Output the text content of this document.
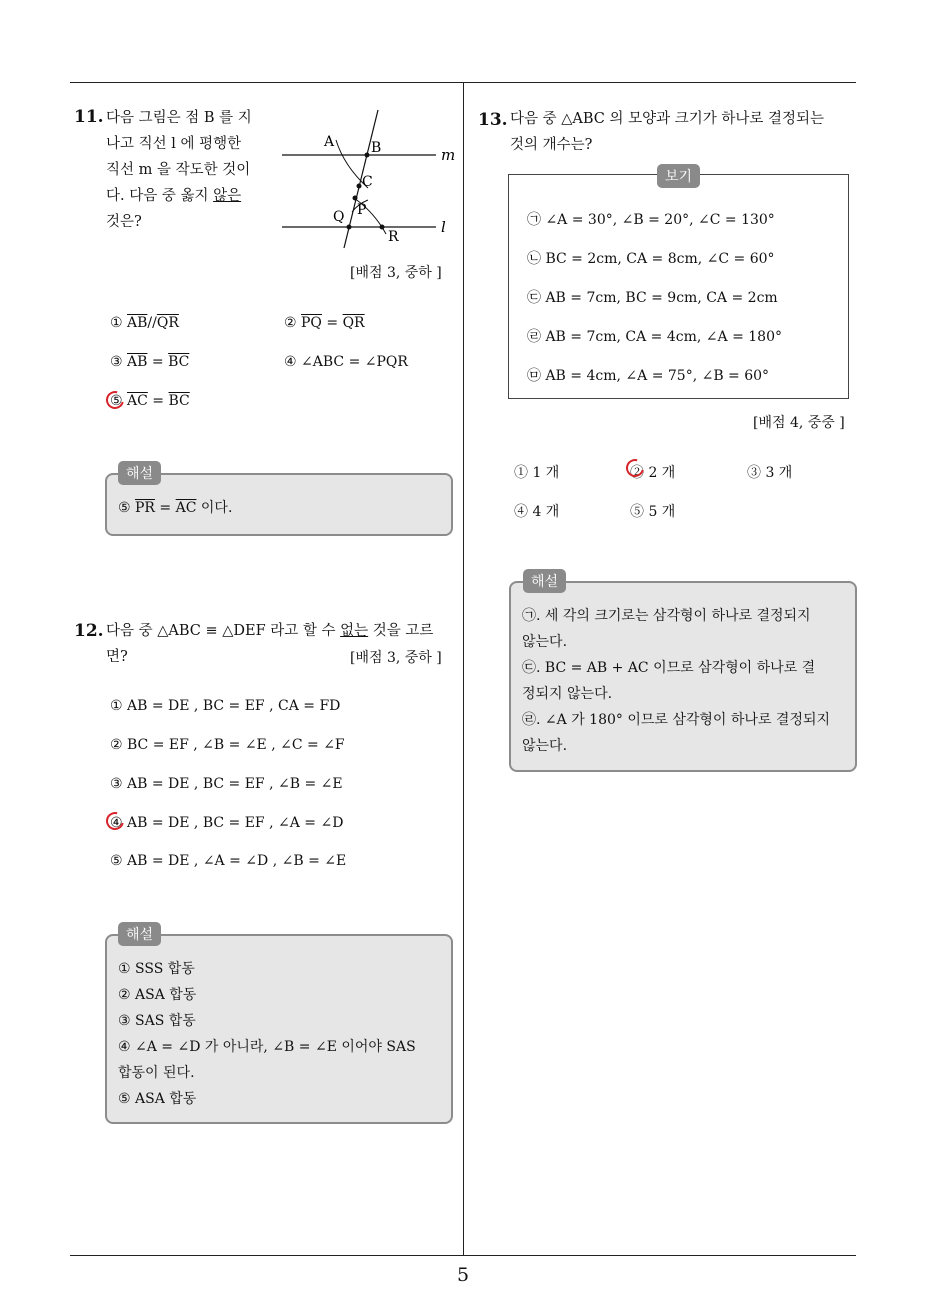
11. 다음 그림은 점 B 를 지
나고 직선 l 에 평행한
직선 m 을 작도한 것이
다. 다음 중 옳지 않은
것은?
A	B
C
P
Q
R
m
l
[배점 3, 중하 ]
① $\overline{AB}//\overline{QR}$	② $\overline{PQ} = \overline{QR}$
③ $\overline{AB} = \overline{BC}$	④ ∠ABC = ∠PQR
⑤ $\overline{AC} = \overline{BC}$
⑤ $\overline{PR} = \overline{AC}$ 이다.
해설
12. 다음 중 △ABC ≡ △DEF 라고 할 수 없는 것을 고르
면?	[배점 3, 중하 ]
① AB = DE , BC = EF , CA = FD
② BC = EF , ∠B = ∠E , ∠C = ∠F
③ AB = DE , BC = EF , ∠B = ∠E
④ AB = DE , BC = EF , ∠A = ∠D
⑤ AB = DE , ∠A = ∠D , ∠B = ∠E
① SSS 합동
② ASA 합동
③ SAS 합동
④ ∠A = ∠D 가 아니라, ∠B = ∠E 이어야 SAS
합동이 된다.
⑤ ASA 합동
해설
13. 다음 중 △ABC 의 모양과 크기가 하나로 결정되는
것의 개수는?
㉠ ∠A = 30°, ∠B = 20°, ∠C = 130°
㉡ BC = 2cm, CA = 8cm, ∠C = 60°
㉢ AB = 7cm, BC = 9cm, CA = 2cm
㉣ AB = 7cm, CA = 4cm, ∠A = 180°
㉤ AB = 4cm, ∠A = 75°, ∠B = 60°
보기
[배점 4, 중중 ]
① 1 개	② 2 개	③ 3 개
④ 4 개	⑤ 5 개
㉠. 세 각의 크기로는 삼각형이 하나로 결정되지
않는다.
㉢. BC = AB + AC 이므로 삼각형이 하나로 결
정되지 않는다.
㉣. ∠A 가 180° 이므로 삼각형이 하나로 결정되지
않는다.
해설
5
